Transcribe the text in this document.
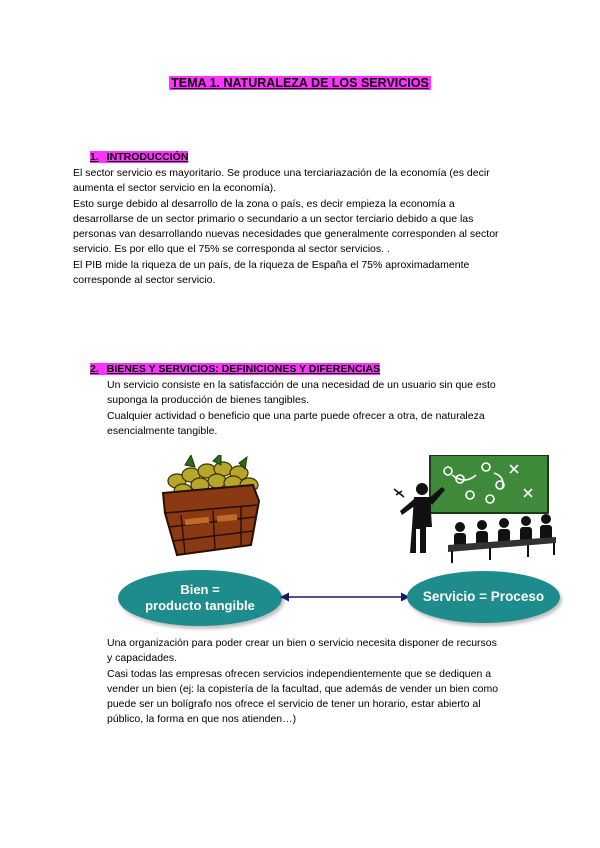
TEMA 1. NATURALEZA DE LOS SERVICIOS
1. INTRODUCCIÓN

El sector servicio es mayoritario. Se produce una terciariazación de la economía (es decir
aumenta el sector servicio en la economía).
Esto surge debido al desarrollo de la zona o país, es decir empieza la economía a
desarrollarse de un sector primario o secundario a un sector terciario debido a que las
personas van desarrollando nuevas necesidades que generalmente corresponden al sector
servicio. Es por ello que el 75% se corresponda al sector servicios. .
El PIB mide la riqueza de un país, de la riqueza de España el 75% aproximadamente
corresponde al sector servicio.

2. BIENES Y SERVICIOS: DEFINICIONES Y DIFERENCIAS

Un servicio consiste en la satisfacción de una necesidad de un usuario sin que esto
suponga la producción de bienes tangibles.
Cualquier actividad o beneficio que una parte puede ofrecer a otra, de naturaleza
esencialmente tangible.

Bien =
producto tangible
Servicio = Proceso

Una organización para poder crear un bien o servicio necesita disponer de recursos
y capacidades.
Casi todas las empresas ofrecen servicios independientemente que se dediquen a
vender un bien (ej: la copistería de la facultad, que además de vender un bien como
puede ser un bolígrafo nos ofrece el servicio de tener un horario, estar abierto al
público, la forma en que nos atienden…)
